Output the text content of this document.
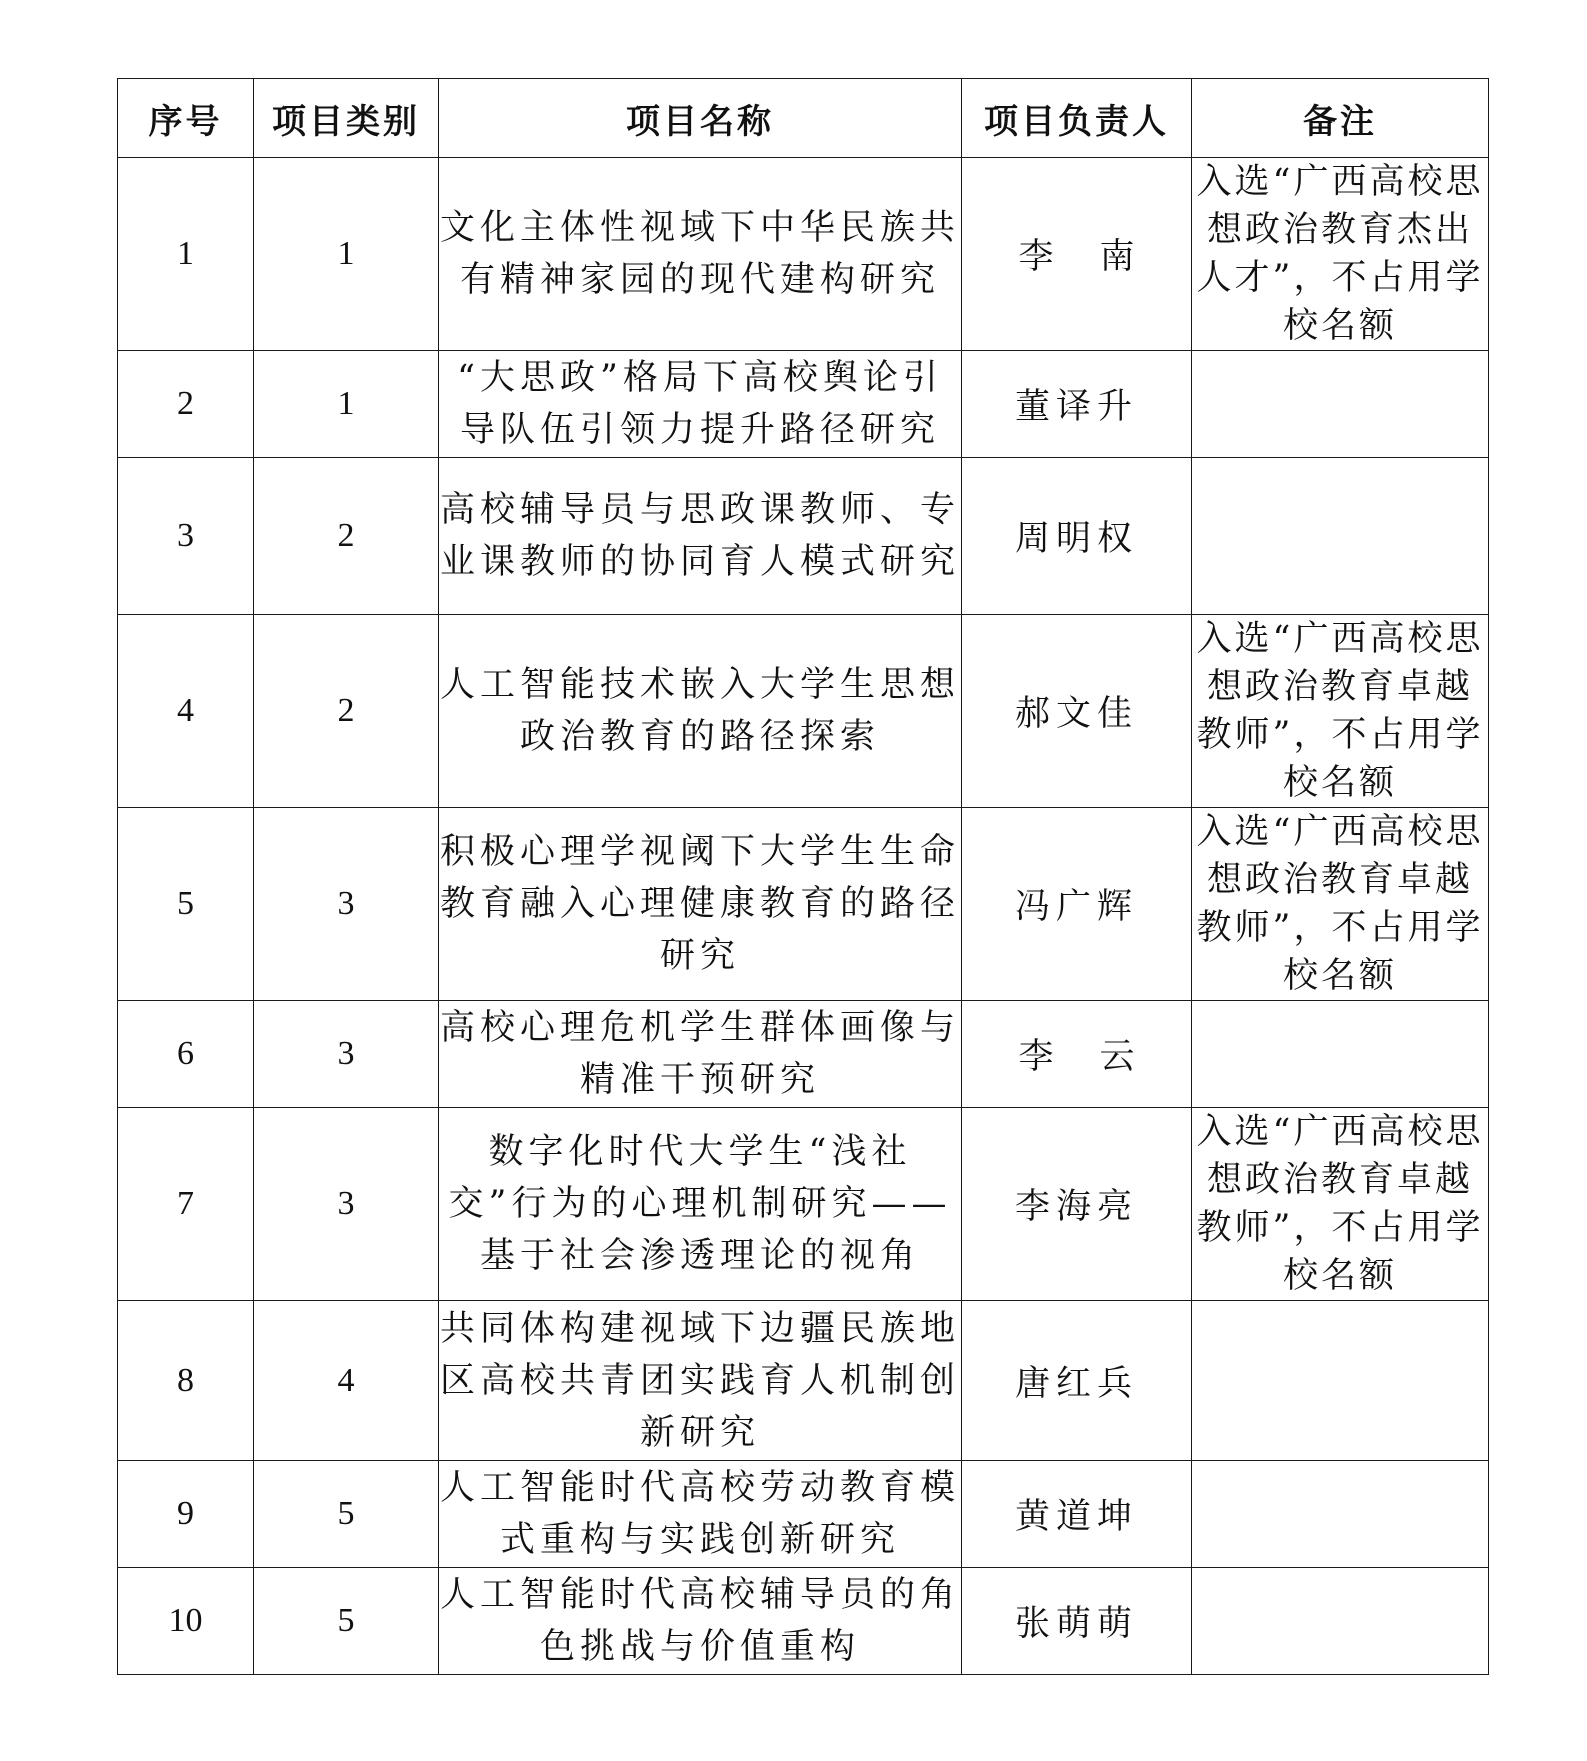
序号	项目类别	项目名称	项目负责人	备注
1	1	文化主体性视域下中华民族共有精神家园的现代建构研究	李南	入选“广西高校思想政治教育杰出人才”，不占用学校名额
2	1	“大思政”格局下高校舆论引导队伍引领力提升路径研究	董译升	
3	2	高校辅导员与思政课教师、专业课教师的协同育人模式研究	周明权	
4	2	人工智能技术嵌入大学生思想政治教育的路径探索	郝文佳	入选“广西高校思想政治教育卓越教师”，不占用学校名额
5	3	积极心理学视阈下大学生生命教育融入心理健康教育的路径研究	冯广辉	入选“广西高校思想政治教育卓越教师”，不占用学校名额
6	3	高校心理危机学生群体画像与精准干预研究	李云	
7	3	数字化时代大学生“浅社交”行为的心理机制研究——基于社会渗透理论的视角	李海亮	入选“广西高校思想政治教育卓越教师”，不占用学校名额
8	4	共同体构建视域下边疆民族地区高校共青团实践育人机制创新研究	唐红兵	
9	5	人工智能时代高校劳动教育模式重构与实践创新研究	黄道坤	
10	5	人工智能时代高校辅导员的角色挑战与价值重构	张萌萌	
